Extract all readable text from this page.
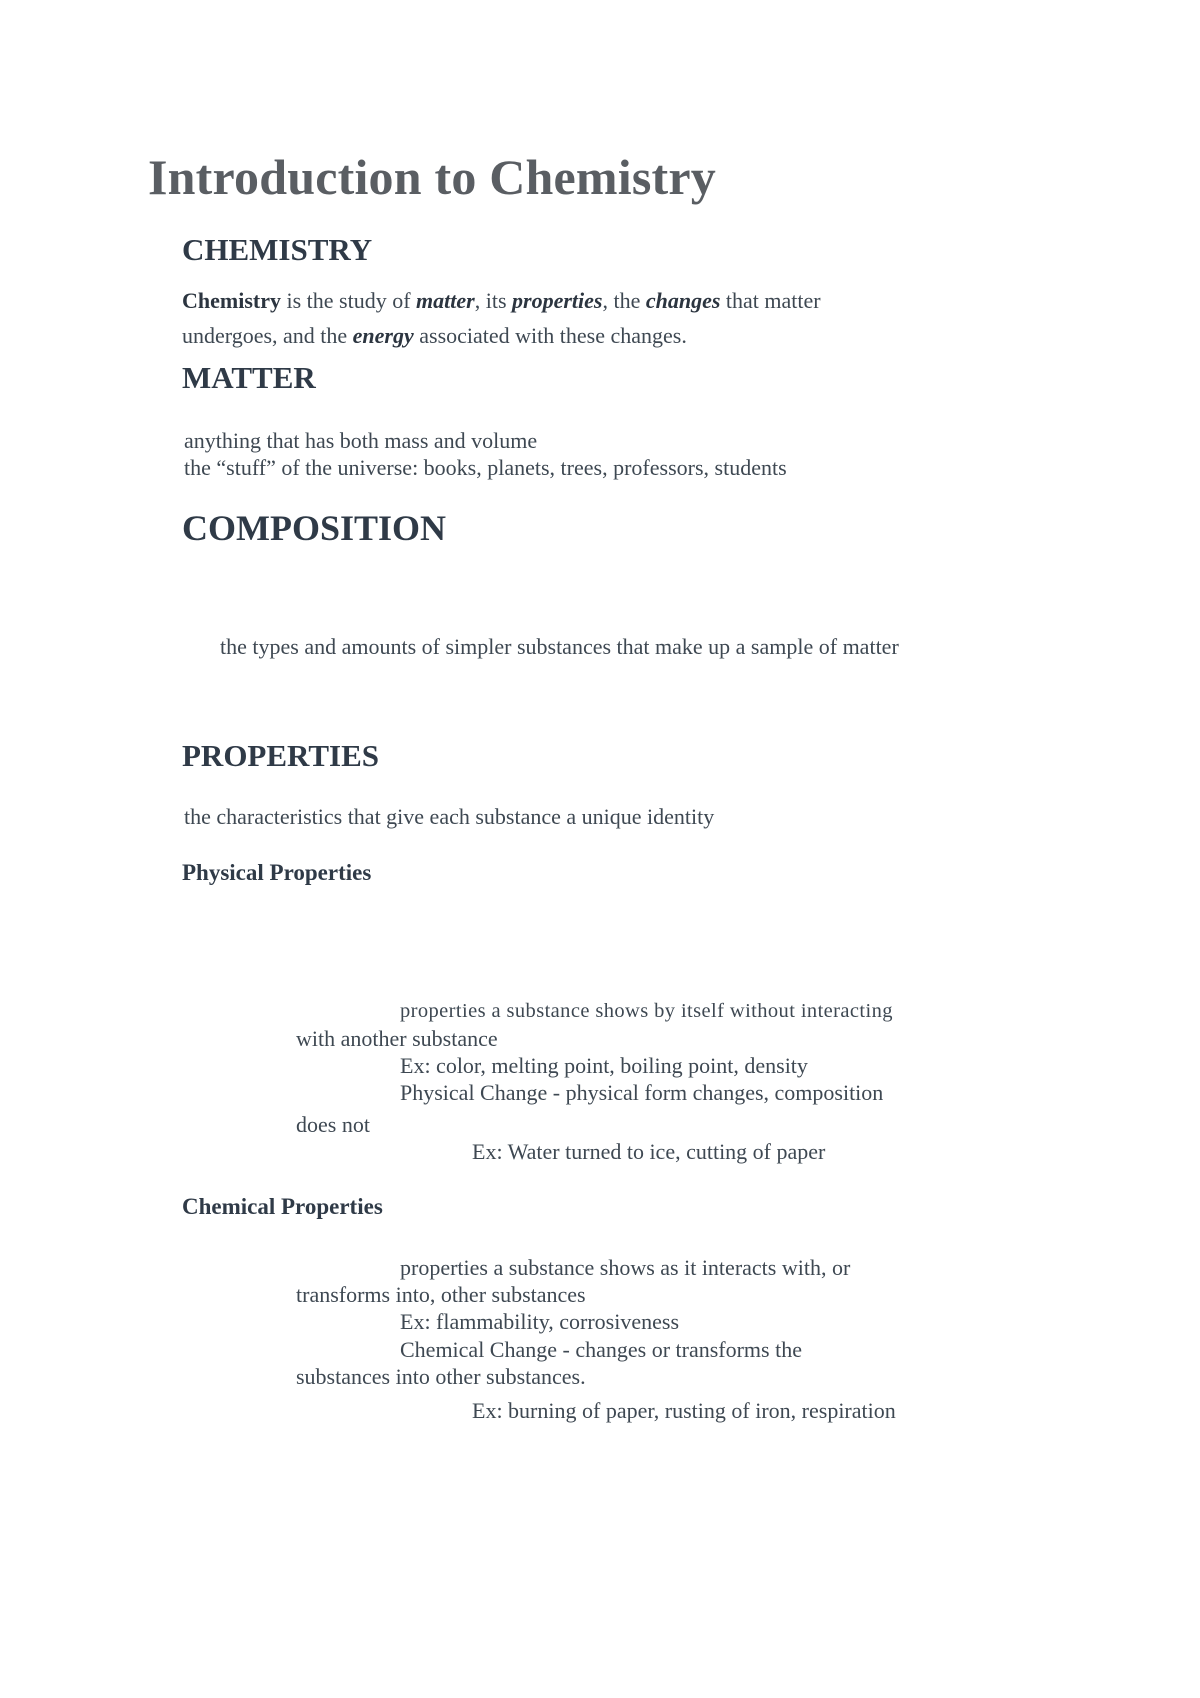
Introduction to Chemistry
CHEMISTRY

Chemistry is the study of matter, its properties, the changes that matter

undergoes, and the energy associated with these changes.

MATTER

anything that has both mass and volume

the “stuff” of the universe: books, planets, trees, professors, students

COMPOSITION

the types and amounts of simpler substances that make up a sample of matter

PROPERTIES

the characteristics that give each substance a unique identity

Physical Properties

properties a substance shows by itself without interacting

with another substance

Ex: color, melting point, boiling point, density

Physical Change - physical form changes, composition

does not

Ex: Water turned to ice, cutting of paper

Chemical Properties

properties a substance shows as it interacts with, or

transforms into, other substances

Ex: flammability, corrosiveness

Chemical Change - changes or transforms the

substances into other substances.

Ex: burning of paper, rusting of iron, respiration
